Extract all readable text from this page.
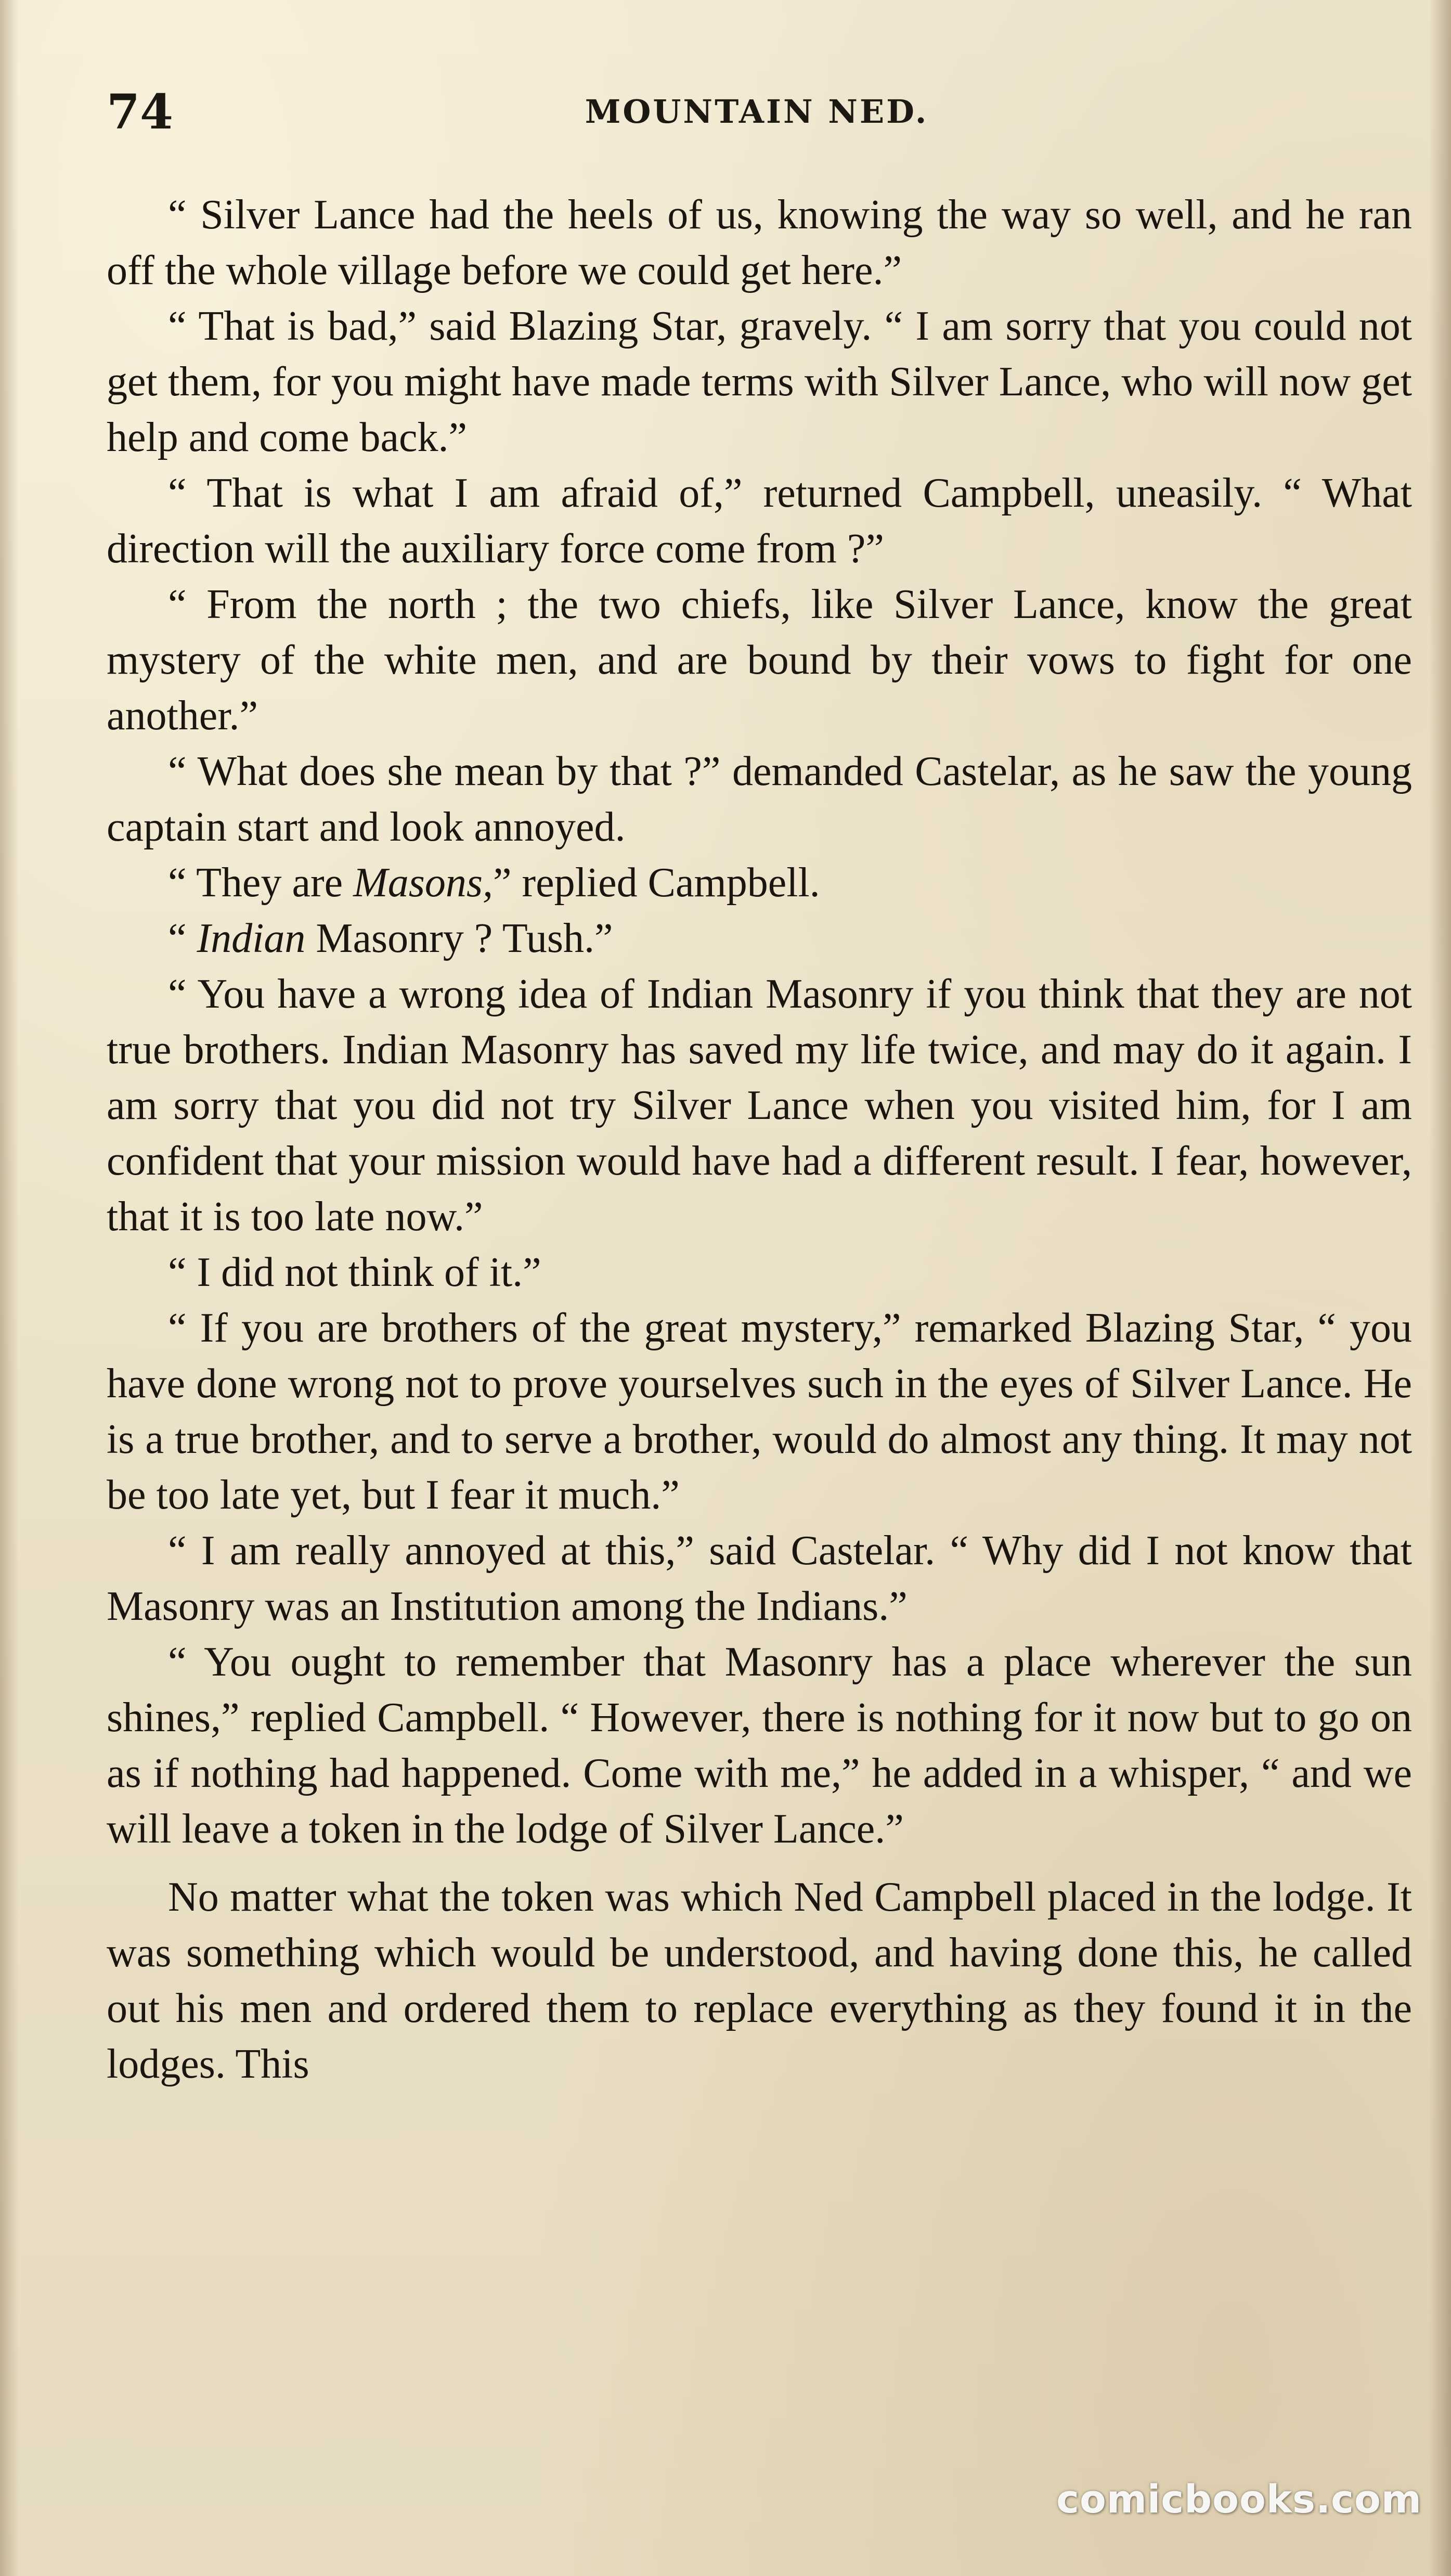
74	MOUNTAIN NED.

“ Silver Lance had the heels of us, knowing the way so well, and he ran off the whole village before we could get here.”

“ That is bad,” said Blazing Star, gravely. “ I am sorry that you could not get them, for you might have made terms with Silver Lance, who will now get help and come back.”

“ That is what I am afraid of,” returned Campbell, uneasily. “ What direction will the auxiliary force come from ?”

“ From the north ; the two chiefs, like Silver Lance, know the great mystery of the white men, and are bound by their vows to fight for one another.”

“ What does she mean by that ?” demanded Castelar, as he saw the young captain start and look annoyed.

“ They are Masons,” replied Campbell.

“ Indian Masonry ? Tush.”

“ You have a wrong idea of Indian Masonry if you think that they are not true brothers. Indian Masonry has saved my life twice, and may do it again. I am sorry that you did not try Silver Lance when you visited him, for I am confident that your mission would have had a different result. I fear, however, that it is too late now.”

“ I did not think of it.”

“ If you are brothers of the great mystery,” remarked Blazing Star, “ you have done wrong not to prove yourselves such in the eyes of Silver Lance. He is a true brother, and to serve a brother, would do almost any thing. It may not be too late yet, but I fear it much.”

“ I am really annoyed at this,” said Castelar. “ Why did I not know that Masonry was an Institution among the Indians.”

“ You ought to remember that Masonry has a place wherever the sun shines,” replied Campbell. “ However, there is nothing for it now but to go on as if nothing had happened. Come with me,” he added in a whisper, “ and we will leave a token in the lodge of Silver Lance.”

No matter what the token was which Ned Campbell placed in the lodge. It was something which would be understood, and having done this, he called out his men and ordered them to replace everything as they found it in the lodges. This

comicbooks.com
